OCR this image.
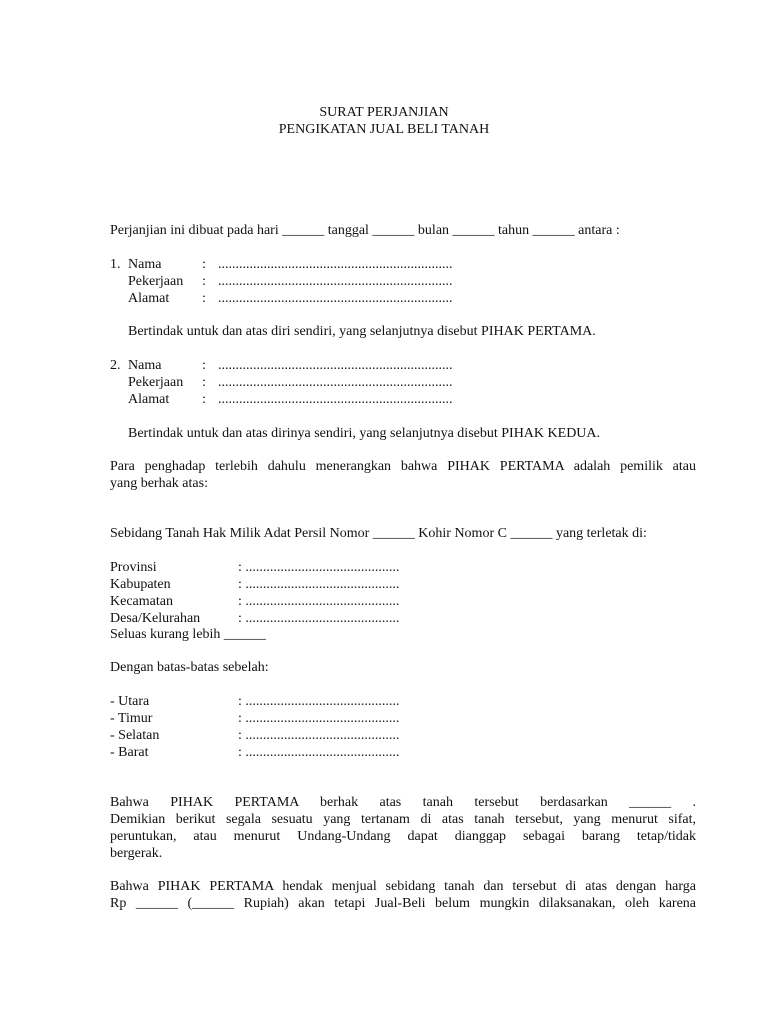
SURAT PERJANJIAN
PENGIKATAN JUAL BELI TANAH
Perjanjian ini dibuat pada hari ______ tanggal ______ bulan ______ tahun ______ antara :
1. Nama	: ...................................................................
Pekerjaan : ...................................................................
Alamat : ...................................................................
Bertindak untuk dan atas diri sendiri, yang selanjutnya disebut PIHAK PERTAMA.
2. Nama	: ...................................................................
Pekerjaan : ...................................................................
Alamat : ...................................................................
Bertindak untuk dan atas dirinya sendiri, yang selanjutnya disebut PIHAK KEDUA.
Para penghadap terlebih dahulu menerangkan bahwa PIHAK PERTAMA adalah pemilik atau
yang berhak atas:
Sebidang Tanah Hak Milik Adat Persil Nomor ______ Kohir Nomor C ______ yang terletak di:
Provinsi	: ............................................
Kabupaten	: ............................................
Kecamatan	: ............................................
Desa/Kelurahan	: ............................................
Seluas kurang lebih ______
Dengan batas-batas sebelah:
- Utara	: ............................................
- Timur	: ............................................
- Selatan	: ............................................
- Barat	: ............................................
Bahwa PIHAK PERTAMA berhak atas tanah tersebut berdasarkan ______ .
Demikian berikut segala sesuatu yang tertanam di atas tanah tersebut, yang menurut sifat,
peruntukan, atau menurut Undang-Undang dapat dianggap sebagai barang tetap/tidak
bergerak.
Bahwa PIHAK PERTAMA hendak menjual sebidang tanah dan tersebut di atas dengan harga
Rp ______ (______ Rupiah) akan tetapi Jual-Beli belum mungkin dilaksanakan, oleh karena
